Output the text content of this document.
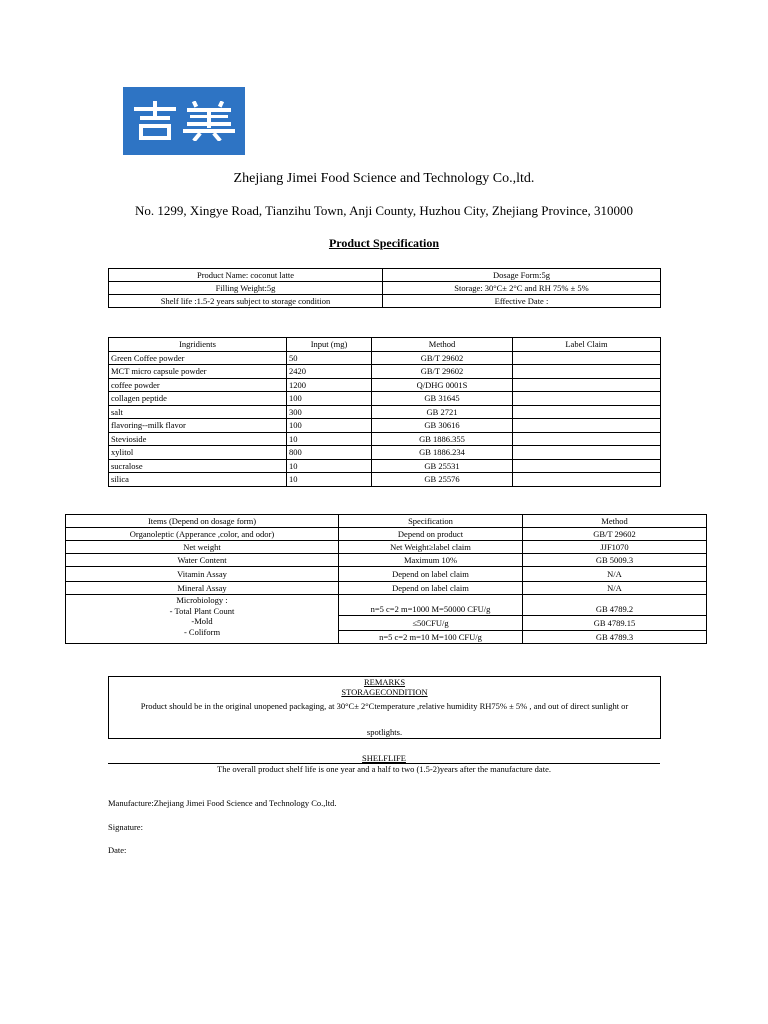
Zhejiang Jimei Food Science and Technology Co.,ltd.
No. 1299, Xingye Road, Tianzihu Town, Anji County, Huzhou City, Zhejiang Province, 310000
Product Specification
Product Name: coconut latte	Dosage Form:5g
Filling Weight:5g	Storage: 30°C± 2°C and RH 75% ± 5%
Shelf life :1.5-2 years subject to storage condition	Effective Date :
Ingridients	Input (mg)	Method	Label Claim
Green Coffee powder	50	GB/T 29602	
MCT micro capsule powder	2420	GB/T 29602	
coffee powder	1200	Q/DHG 0001S	
collagen peptide	100	GB 31645	
salt	300	GB 2721	
flavoring--milk flavor	100	GB 30616	
Stevioside	10	GB 1886.355	
xylitol	800	GB 1886.234	
sucralose	10	GB 25531	
silica	10	GB 25576	
Items (Depend on dosage form)	Specification	Method
Organoleptic (Apperance ,color, and odor)	Depend on product	GB/T 29602
Net weight	Net Weight≥label claim	JJF1070
Water Content	Maximum 10%	GB 5009.3
Vitamin Assay	Depend on label claim	N/A
Mineral Assay	Depend on label claim	N/A

Microbiology :
- Total Plant Count
-Mold
- Coliform		

	n=5 c=2 m=1000 M=50000 CFU/g	GB 4789.2
	≤50CFU/g	GB 4789.15
	n=5 c=2 m=10 M=100 CFU/g	GB 4789.3
REMARKS
STORAGECONDITION
Product should be in the original unopened packaging, at 30°C± 2°Ctemperature ,relative humidity RH75% ± 5% , and out of direct sunlight or
spotlights.
SHELFLIFE
The overall product shelf life is one year and a half to two (1.5-2)years after the manufacture date.
Manufacture:Zhejiang Jimei Food Science and Technology Co.,ltd.
Signature:
Date:
